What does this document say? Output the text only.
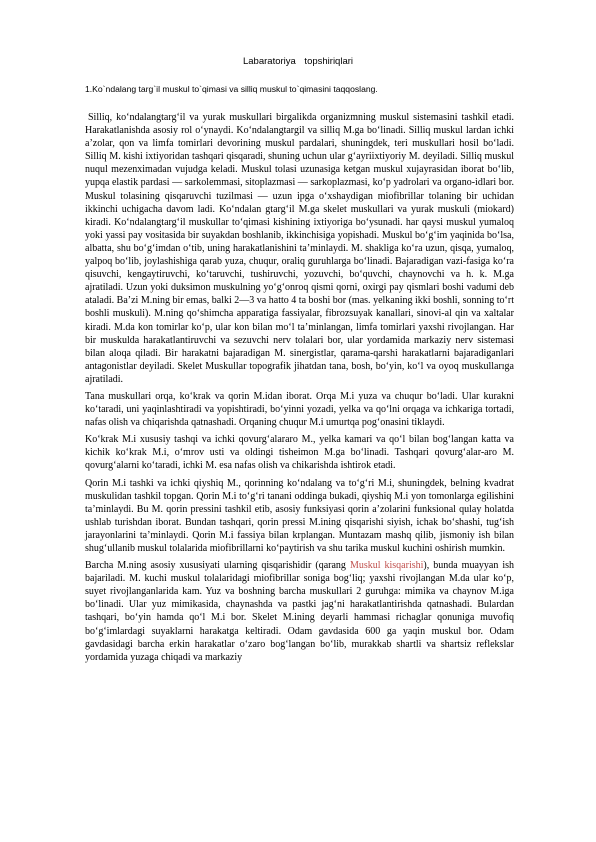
Labaratoriya topshiriqlari
1.Ko`ndalang targ`il muskul to`qimasi va silliq muskul to`qimasini taqqoslang.

Silliq, ko‘ndalangtarg‘il va yurak muskullari birgalikda organizmning muskul sistemasini tashkil etadi. Harakatlanishda asosiy rol o‘ynaydi. Ko‘ndalangtargil va silliq M.ga bo‘linadi. Silliq muskul lardan ichki a’zolar, qon va limfa tomirlari devorining muskul pardalari, shuningdek, teri muskullari hosil bo‘ladi. Silliq M. kishi ixtiyoridan tashqari qisqaradi, shuning uchun ular g‘ayriixtiyoriy M. deyiladi. Silliq muskul nuqul mezenximadan vujudga keladi. Muskul tolasi uzunasiga ketgan muskul xujayrasidan iborat bo‘lib, yupqa elastik pardasi — sarkolemmasi, sitoplazmasi — sarkoplazmasi, ko‘p yadrolari va organo-idlari bor. Muskul tolasining qisqaruvchi tuzilmasi — uzun ipga o‘xshaydigan miofibrillar tolaning bir uchidan ikkinchi uchigacha davom ladi. Ko‘ndalan gtarg‘il M.ga skelet muskullari va yurak muskuli (miokard) kiradi. Ko‘ndalangtarg‘il muskullar to‘qimasi kishining ixtiyoriga bo‘ysunadi. har qaysi muskul yumaloq yoki yassi pay vositasida bir suyakdan boshlanib, ikkinchisiga yopishadi. Muskul bo‘g‘im yaqinida bo‘lsa, albatta, shu bo‘g‘imdan o‘tib, uning harakatlanishini ta’minlaydi. M. shakliga ko‘ra uzun, qisqa, yumaloq, yalpoq bo‘lib, joylashishiga qarab yuza, chuqur, oraliq guruhlarga bo‘linadi. Bajaradigan vazi-fasiga ko‘ra qisuvchi, kengaytiruvchi, ko‘taruvchi, tushiruvchi, yozuvchi, bo‘quvchi, chaynovchi va h. k. M.ga ajratiladi. Uzun yoki duksimon muskulning yo‘g‘onroq qismi qorni, oxirgi pay qismlari boshi vadumi deb ataladi. Ba’zi M.ning bir emas, balki 2—3 va hatto 4 ta boshi bor (mas. yelkaning ikki boshli, sonning to‘rt boshli muskuli). M.ning qo‘shimcha apparatiga fassiyalar, fibrozsuyak kanallari, sinovi-al qin va xaltalar kiradi. M.da kon tomirlar ko‘p, ular kon bilan mo‘l ta’minlangan, limfa tomirlari yaxshi rivojlangan. Har bir muskulda harakatlantiruvchi va sezuvchi nerv tolalari bor, ular yordamida markaziy nerv sistemasi bilan aloqa qiladi. Bir harakatni bajaradigan M. sinergistlar, qarama-qarshi harakatlarni bajaradiganlari antagonistlar deyiladi. Skelet Muskullar topografik jihatdan tana, bosh, bo‘yin, ko‘l va oyoq muskullarıga ajratiladi.

Tana muskullari orqa, ko‘krak va qorin M.idan iborat. Orqa M.i yuza va chuqur bo‘ladi. Ular kurakni ko‘taradi, uni yaqinlashtiradi va yopishtiradi, bo‘yinni yozadi, yelka va qo‘lni orqaga va ichkariga tortadi, nafas olish va chiqarishda qatnashadi. Orqaning chuqur M.i umurtqa pog‘onasini tiklaydi.

Ko‘krak M.i xususiy tashqi va ichki qovurg‘alararo M., yelka kamari va qo‘l bilan bog‘langan katta va kichik ko‘krak M.i, o‘mrov usti va oldingi tisheimon M.ga bo‘linadi. Tashqari qovurg‘alar-aro M. qovurg‘alarni ko‘taradi, ichki M. esa nafas olish va chikarishda ishtirok etadi.

Qorin M.i tashki va ichki qiyshiq M., qorinning ko‘ndalang va to‘g‘ri M.i, shuningdek, belning kvadrat muskulidan tashkil topgan. Qorin M.i to‘g‘ri tanani oddinga bukadi, qiyshiq M.i yon tomonlarga egilishini ta’minlaydi. Bu M. qorin pressini tashkil etib, asosiy funksiyasi qorin a’zolarini funksional qulay holatda ushlab turishdan iborat. Bundan tashqari, qorin pressi M.ining qisqarishi siyish, ichak bo‘shashi, tug‘ish jarayonlarini ta’minlaydi. Qorin M.i fassiya bilan krplangan. Muntazam mashq qilib, jismoniy ish bilan shug‘ullanib muskul tolalarida miofibrillarni ko‘paytirish va shu tarika muskul kuchini oshirish mumkin.

Barcha M.ning asosiy xususiyati ularning qisqarishidir (qarang Muskul kisqarishi), bunda muayyan ish bajariladi. M. kuchi muskul tolalaridagi miofibrillar soniga bog‘liq; yaxshi rivojlangan M.da ular ko‘p, suyet rivojlanganlarida kam. Yuz va boshning barcha muskullari 2 guruhga: mimika va chaynov M.iga bo‘linadi. Ular yuz mimikasida, chaynashda va pastki jag‘ni harakatlantirishda qatnashadi. Bulardan tashqari, bo‘yin hamda qo‘l M.i bor. Skelet M.ining deyarli hammasi richaglar qonuniga muvofiq bo‘g‘imlardagi suyaklarni harakatga keltiradi. Odam gavdasida 600 ga yaqin muskul bor. Odam gavdasidagi barcha erkin harakatlar o‘zaro bog‘langan bo‘lib, murakkab shartli va shartsiz reflekslar yordamida yuzaga chiqadi va markaziy
